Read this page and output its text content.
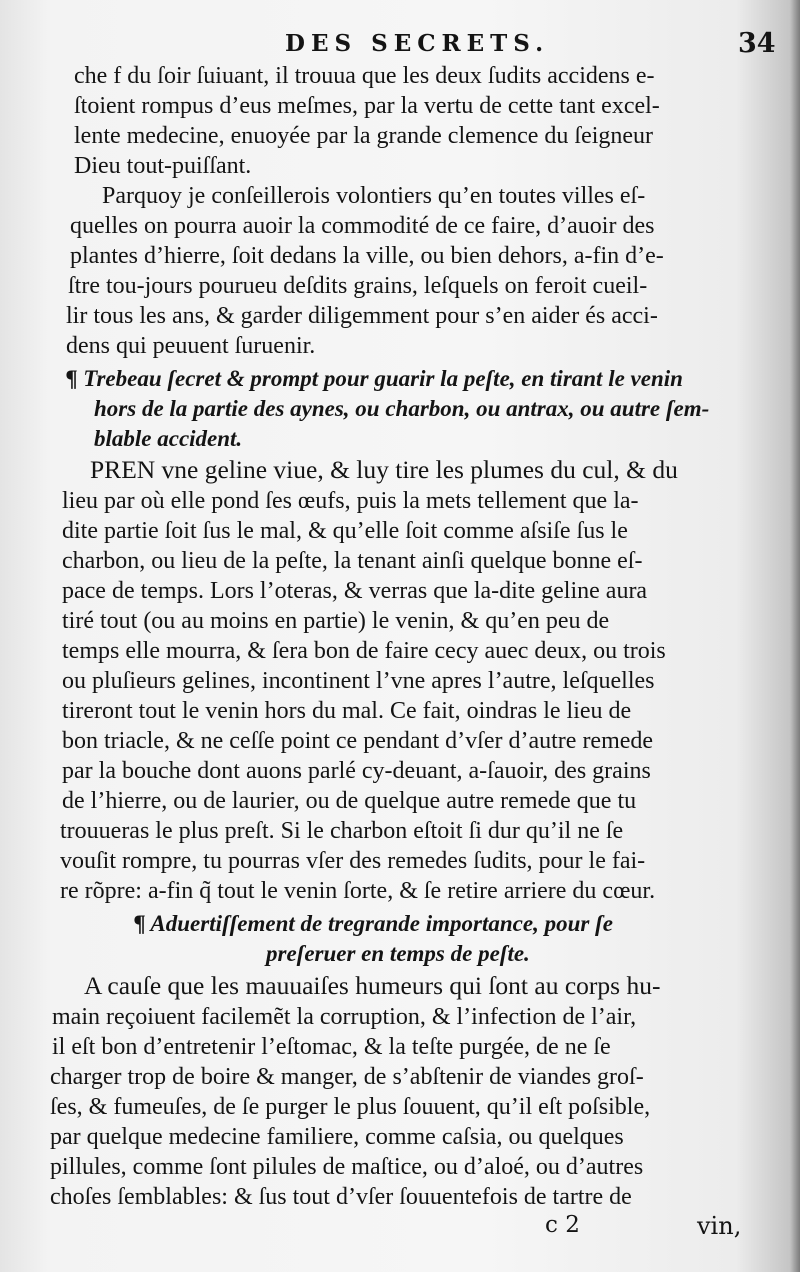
DES SECRETS.	34
che f du ſoir ſuiuant, il trouua que les deux ſudits accidens e-
ſtoient rompus d’eus meſmes, par la vertu de cette tant excel-
lente medecine, enuoyée par la grande clemence du ſeigneur
Dieu tout-puiſſant.
Parquoy je conſeillerois volontiers qu’en toutes villes eſ-
quelles on pourra auoir la commodité de ce faire, d’auoir des
plantes d’hierre, ſoit dedans la ville, ou bien dehors, a-fin d’e-
ſtre tou-jours pourueu deſdits grains, leſquels on feroit cueil-
lir tous les ans, & garder diligemment pour s’en aider és acci-
dens qui peuuent ſuruenir.
¶ Trebeau ſecret & prompt pour guarir la peſte, en tirant le venin
hors de la partie des aynes, ou charbon, ou antrax, ou autre ſem-
blable accident.
PREN vne geline viue, & luy tire les plumes du cul, & du
lieu par où elle pond ſes œufs, puis la mets tellement que la-
dite partie ſoit ſus le mal, & qu’elle ſoit comme aſsiſe ſus le
charbon, ou lieu de la peſte, la tenant ainſi quelque bonne eſ-
pace de temps. Lors l’oteras, & verras que la-dite geline aura
tiré tout (ou au moins en partie) le venin, & qu’en peu de
temps elle mourra, & ſera bon de faire cecy auec deux, ou trois
ou pluſieurs gelines, incontinent l’vne apres l’autre, leſquelles
tireront tout le venin hors du mal. Ce fait, oindras le lieu de
bon triacle, & ne ceſſe point ce pendant d’vſer d’autre remede
par la bouche dont auons parlé cy-deuant, a-ſauoir, des grains
de l’hierre, ou de laurier, ou de quelque autre remede que tu
trouueras le plus preſt. Si le charbon eſtoit ſi dur qu’il ne ſe
vouſit rompre, tu pourras vſer des remedes ſudits, pour le fai-
re rõpre: a-fin q̃ tout le venin ſorte, & ſe retire arriere du cœur.
¶ Aduertiſſement de tregrande importance, pour ſe
preſeruer en temps de peſte.
A cauſe que les mauuaiſes humeurs qui ſont au corps hu-
main reçoiuent facilemẽt la corruption, & l’infection de l’air,
il eſt bon d’entretenir l’eſtomac, & la teſte purgée, de ne ſe
charger trop de boire & manger, de s’abſtenir de viandes groſ-
ſes, & fumeuſes, de ſe purger le plus ſouuent, qu’il eſt poſsible,
par quelque medecine familiere, comme caſsia, ou quelques
pillules, comme ſont pilules de maſtice, ou d’aloé, ou d’autres
choſes ſemblables: & ſus tout d’vſer ſouuentefois de tartre de
c 2	vin,
